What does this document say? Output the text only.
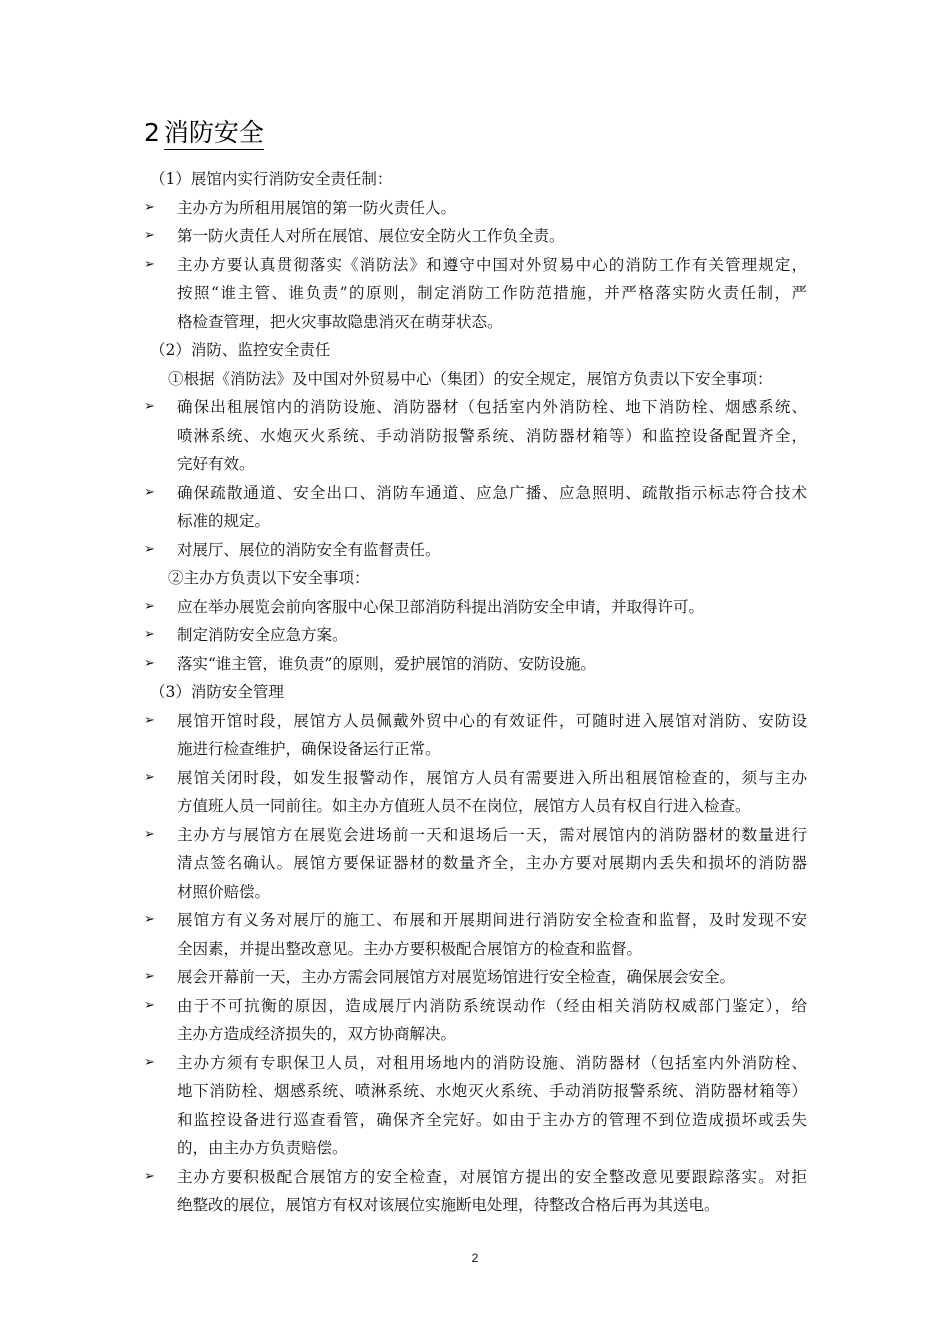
2 消防安全
（1）展馆内实行消防安全责任制：
➢	主办方为所租用展馆的第一防火责任人。
➢	第一防火责任人对所在展馆、展位安全防火工作负全责。
➢	主办方要认真贯彻落实《消防法》和遵守中国对外贸易中心的消防工作有关管理规定，
按照“谁主管、谁负责”的原则，制定消防工作防范措施，并严格落实防火责任制，严
格检查管理，把火灾事故隐患消灭在萌芽状态。
（2）消防、监控安全责任
①根据《消防法》及中国对外贸易中心（集团）的安全规定，展馆方负责以下安全事项：
➢	确保出租展馆内的消防设施、消防器材（包括室内外消防栓、地下消防栓、烟感系统、
喷淋系统、水炮灭火系统、手动消防报警系统、消防器材箱等）和监控设备配置齐全，
完好有效。
➢	确保疏散通道、安全出口、消防车通道、应急广播、应急照明、疏散指示标志符合技术
标准的规定。
➢	对展厅、展位的消防安全有监督责任。
②主办方负责以下安全事项：
➢	应在举办展览会前向客服中心保卫部消防科提出消防安全申请，并取得许可。
➢	制定消防安全应急方案。
➢	落实“谁主管，谁负责”的原则，爱护展馆的消防、安防设施。
（3）消防安全管理
➢	展馆开馆时段，展馆方人员佩戴外贸中心的有效证件，可随时进入展馆对消防、安防设
施进行检查维护，确保设备运行正常。
➢	展馆关闭时段，如发生报警动作，展馆方人员有需要进入所出租展馆检查的，须与主办
方值班人员一同前往。如主办方值班人员不在岗位，展馆方人员有权自行进入检查。
➢	主办方与展馆方在展览会进场前一天和退场后一天，需对展馆内的消防器材的数量进行
清点签名确认。展馆方要保证器材的数量齐全，主办方要对展期内丢失和损坏的消防器
材照价赔偿。
➢	展馆方有义务对展厅的施工、布展和开展期间进行消防安全检查和监督，及时发现不安
全因素，并提出整改意见。主办方要积极配合展馆方的检查和监督。
➢	展会开幕前一天，主办方需会同展馆方对展览场馆进行安全检查，确保展会安全。
➢	由于不可抗衡的原因，造成展厅内消防系统误动作（经由相关消防权威部门鉴定），给
主办方造成经济损失的，双方协商解决。
➢	主办方须有专职保卫人员，对租用场地内的消防设施、消防器材（包括室内外消防栓、
地下消防栓、烟感系统、喷淋系统、水炮灭火系统、手动消防报警系统、消防器材箱等）
和监控设备进行巡查看管，确保齐全完好。如由于主办方的管理不到位造成损坏或丢失
的，由主办方负责赔偿。
➢	主办方要积极配合展馆方的安全检查，对展馆方提出的安全整改意见要跟踪落实。对拒
绝整改的展位，展馆方有权对该展位实施断电处理，待整改合格后再为其送电。
2
